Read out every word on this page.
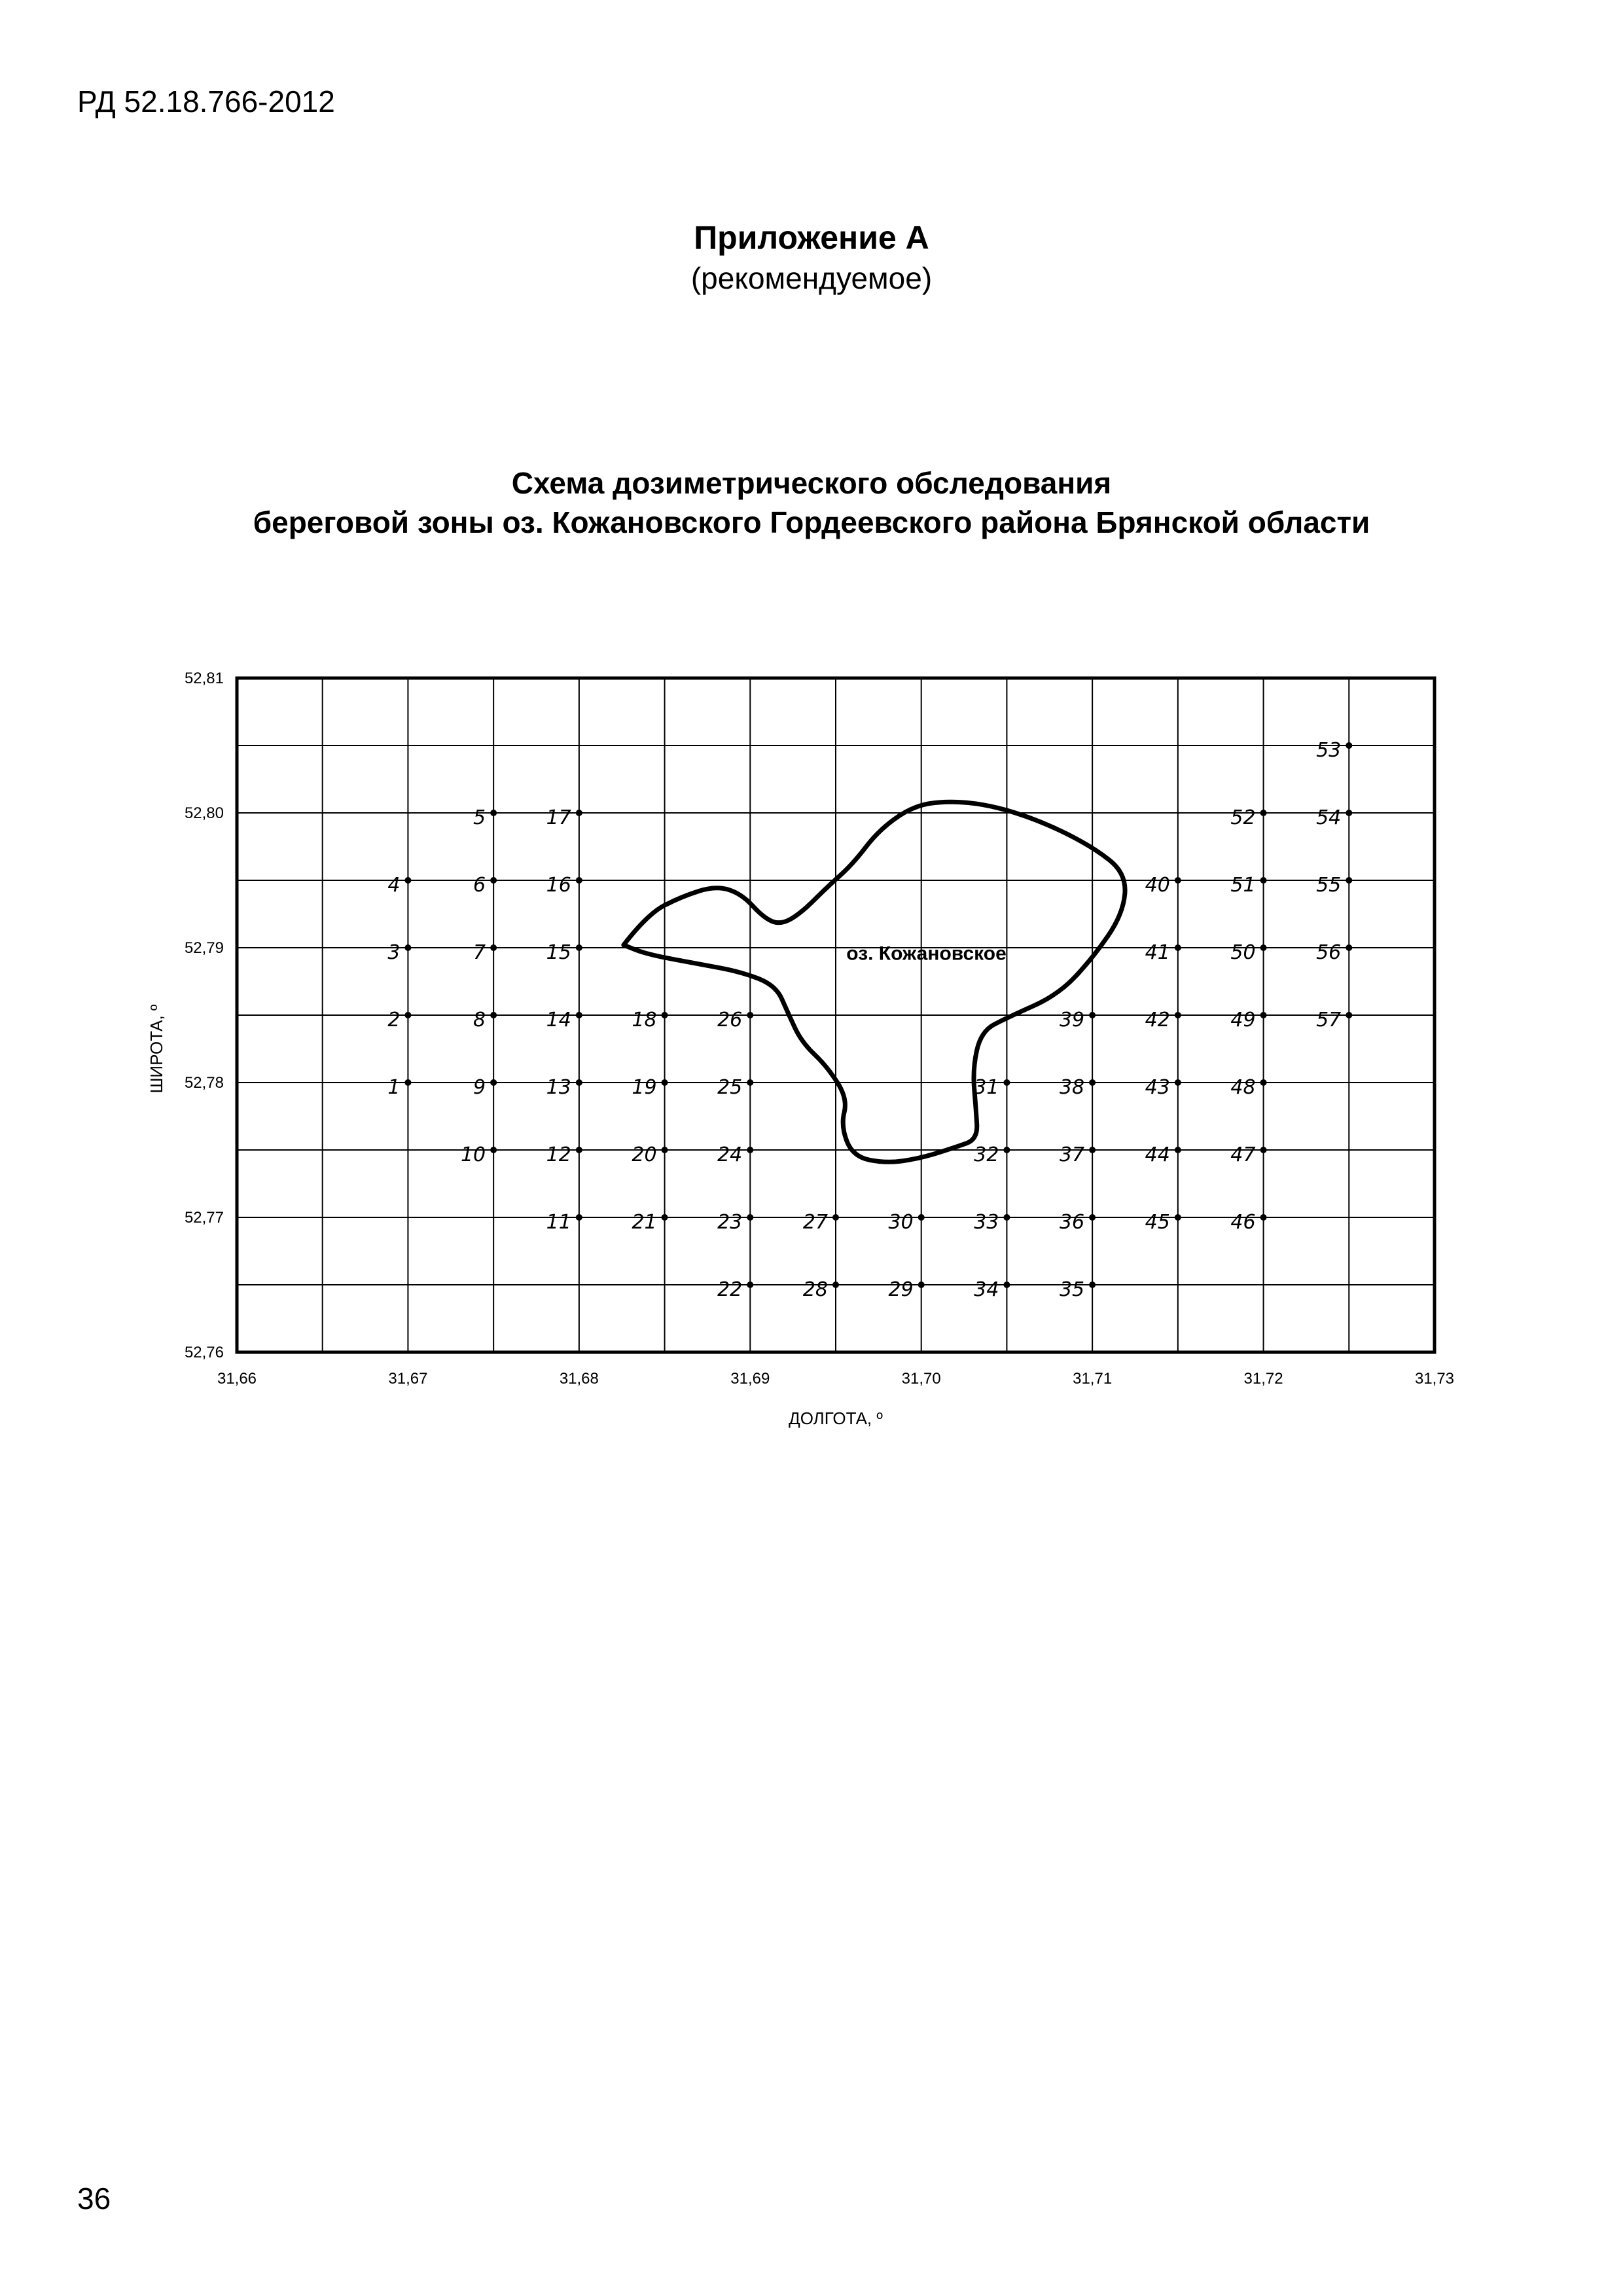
РД 52.18.766-2012
Приложение А
(рекомендуемое)
Схема дозиметрического обследования
береговой зоны оз. Кожановского Гордеевского района Брянской области
оз. Кожановское
1
2
3
4
5
6
7
8
9
10
11
12
13
14
15
16
17
18
19
20
21
22
23
24
25
26
27
28	29
30
31
32
33
34	35
36
37
38
39
40
41
42
43
44
45	46
47
48
49
50
51
52
53
54
55
56
57
31,66	31,67	31,68	31,69	31,70	31,71	31,72	31,73
52,76
52,77
52,78
52,79
52,80
52,81
ДОЛГОТА, º
ШИРОТА, º
36
